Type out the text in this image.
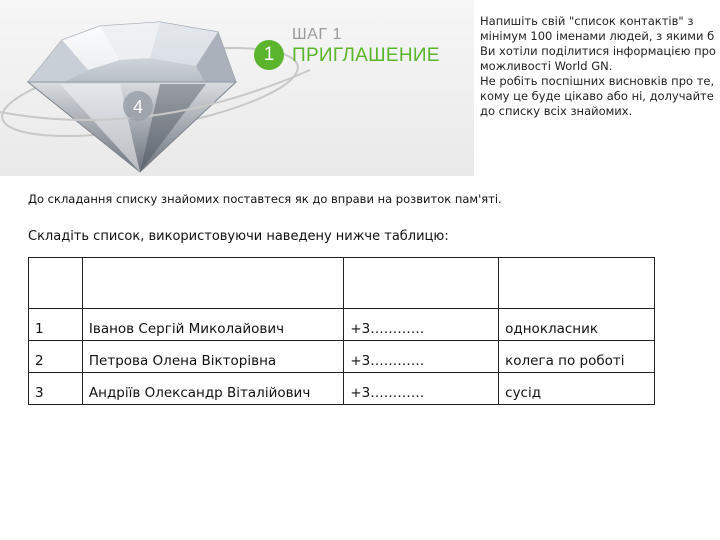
4
1
ШАГ 1
ПРИГЛАШЕНИЕ

Напишіть свій "список контактів" з мінімум 100 іменами людей, з якими б Ви хотіли поділитися інформацією про можливості World GN.

Не робіть поспішних висновків про те, кому це буде цікаво або ні, долучайте до списку всіх знайомих.

До складання списку знайомих поставтеся як до вправи на розвиток пам'яті.
Складіть список, використовуючи наведену нижче таблицю:

1	Іванов Сергій Миколайович	+3…………	однокласник
2	Петрова Олена Вікторівна	+3…………	колега по роботі
3	Андріїв Олександр Віталійович	+3…………	сусід
